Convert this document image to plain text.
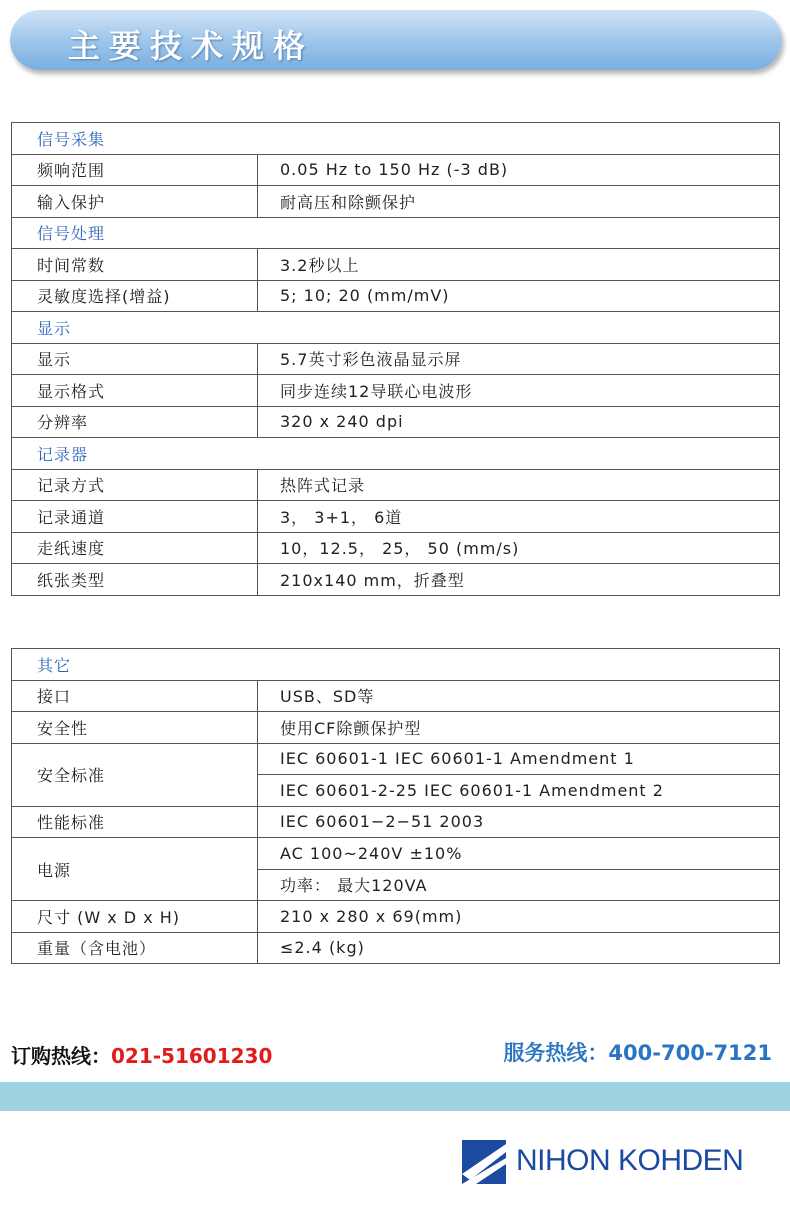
主要技术规格
信号采集	
频响范围	0.05 Hz to 150 Hz (-3 dB)
输入保护	耐高压和除颤保护
信号处理	
时间常数	3.2秒以上
灵敏度选择(增益)	5; 10; 20 (mm/mV)
显示	
显示	5.7英寸彩色液晶显示屏
显示格式	同步连续12导联心电波形
分辨率	320 x 240 dpi
记录器	
记录方式	热阵式记录
记录通道	3， 3+1， 6道
走纸速度	10，12.5， 25， 50 (mm/s)
纸张类型	210x140 mm，折叠型
其它	
接口	USB、SD等
安全性	使用CF除颤保护型
安全标准	IEC 60601-1 IEC 60601-1 Amendment 1
	IEC 60601-2-25 IEC 60601-1 Amendment 2
性能标准	IEC 60601−2−51 2003
电源	AC 100~240V ±10%
	功率： 最大120VA
尺寸 (W x D x H)	210 x 280 x 69(mm)
重量（含电池）	≤2.4 (kg)
订购热线：021-51601230	服务热线：400-700-7121
NIHON KOHDEN
